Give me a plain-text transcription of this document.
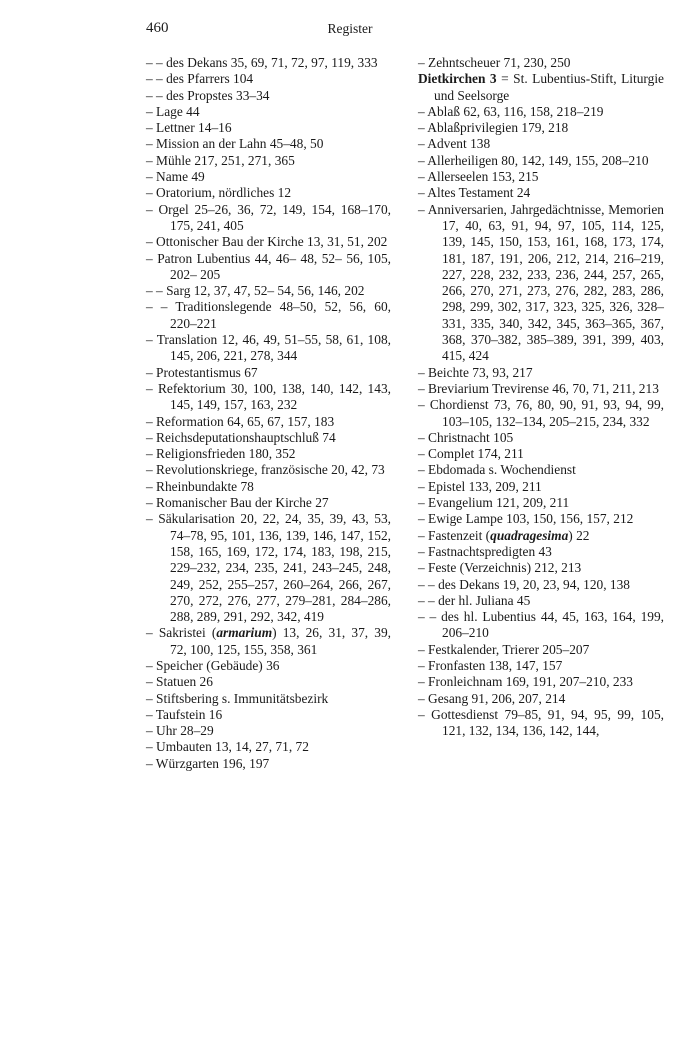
460	Register
– – des Dekans 35, 69, 71, 72, 97, 119, 333
– – des Pfarrers 104
– – des Propstes 33–34
– Lage 44
– Lettner 14–16
– Mission an der Lahn 45–48, 50
– Mühle 217, 251, 271, 365
– Name 49
– Oratorium, nördliches 12
– Orgel 25–26, 36, 72, 149, 154, 168–170, 175, 241, 405
– Ottonischer Bau der Kirche 13, 31, 51, 202
– Patron Lubentius 44, 46– 48, 52– 56, 105, 202– 205
– – Sarg 12, 37, 47, 52– 54, 56, 146, 202
– – Traditionslegende 48–50, 52, 56, 60, 220–221
– Translation 12, 46, 49, 51–55, 58, 61, 108, 145, 206, 221, 278, 344
– Protestantismus 67
– Refektorium 30, 100, 138, 140, 142, 143, 145, 149, 157, 163, 232
– Reformation 64, 65, 67, 157, 183
– Reichsdeputationshauptschluß 74
– Religionsfrieden 180, 352
– Revolutionskriege, französische 20, 42, 73
– Rheinbundakte 78
– Romanischer Bau der Kirche 27
– Säkularisation 20, 22, 24, 35, 39, 43, 53, 74–78, 95, 101, 136, 139, 146, 147, 152, 158, 165, 169, 172, 174, 183, 198, 215, 229–232, 234, 235, 241, 243–245, 248, 249, 252, 255–257, 260–264, 266, 267, 270, 272, 276, 277, 279–281, 284–286, 288, 289, 291, 292, 342, 419
– Sakristei (armarium) 13, 26, 31, 37, 39, 72, 100, 125, 155, 358, 361
– Speicher (Gebäude) 36
– Statuen 26
– Stiftsbering s. Immunitätsbezirk
– Taufstein 16
– Uhr 28–29
– Umbauten 13, 14, 27, 71, 72
– Würzgarten 196, 197
– Zehntscheuer 71, 230, 250
Dietkirchen 3 = St. Lubentius-Stift, Liturgie und Seelsorge
– Ablaß 62, 63, 116, 158, 218–219
– Ablaßprivilegien 179, 218
– Advent 138
– Allerheiligen 80, 142, 149, 155, 208–210
– Allerseelen 153, 215
– Altes Testament 24
– Anniversarien, Jahrgedächtnisse, Memorien 17, 40, 63, 91, 94, 97, 105, 114, 125, 139, 145, 150, 153, 161, 168, 173, 174, 181, 187, 191, 206, 212, 214, 216–219, 227, 228, 232, 233, 236, 244, 257, 265, 266, 270, 271, 273, 276, 282, 283, 286, 298, 299, 302, 317, 323, 325, 326, 328–331, 335, 340, 342, 345, 363–365, 367, 368, 370–382, 385–389, 391, 399, 403, 415, 424
– Beichte 73, 93, 217
– Breviarium Trevirense 46, 70, 71, 211, 213
– Chordienst 73, 76, 80, 90, 91, 93, 94, 99, 103–105, 132–134, 205–215, 234, 332
– Christnacht 105
– Complet 174, 211
– Ebdomada s. Wochendienst
– Epistel 133, 209, 211
– Evangelium 121, 209, 211
– Ewige Lampe 103, 150, 156, 157, 212
– Fastenzeit (quadragesima) 22
– Fastnachtspredigten 43
– Feste (Verzeichnis) 212, 213
– – des Dekans 19, 20, 23, 94, 120, 138
– – der hl. Juliana 45
– – des hl. Lubentius 44, 45, 163, 164, 199, 206–210
– Festkalender, Trierer 205–207
– Fronfasten 138, 147, 157
– Fronleichnam 169, 191, 207–210, 233
– Gesang 91, 206, 207, 214
– Gottesdienst 79–85, 91, 94, 95, 99, 105, 121, 132, 134, 136, 142, 144,
